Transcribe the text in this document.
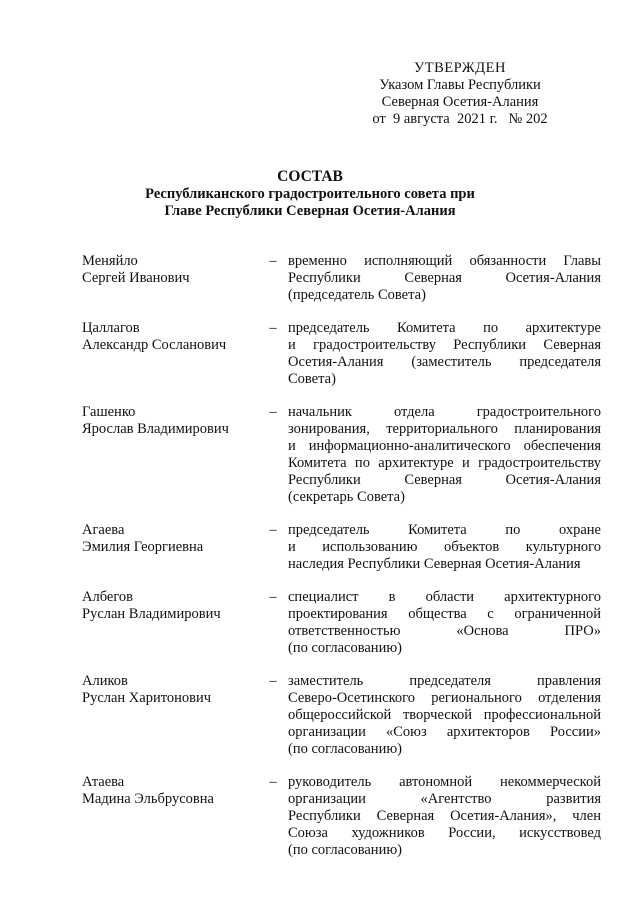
УТВЕРЖДЕН
Указом Главы Республики
Северная Осетия-Алания
от  9 августа  2021 г.   № 202
СОСТАВ
Республиканского градостроительного совета при
Главе Республики Северная Осетия-Алания
Меняйло
Сергей Иванович
– временно исполняющий обязанности Главы
Республики Северная Осетия-Алания
(председатель Совета)
Цаллагов
Александр Сосланович
– председатель Комитета по архитектуре
и градостроительству Республики Северная
Осетия-Алания (заместитель председателя
Совета)
Гашенко
Ярослав Владимирович
– начальник отдела градостроительного
зонирования, территориального планирования
и информационно-аналитического обеспечения
Комитета по архитектуре и градостроительству
Республики Северная Осетия-Алания
(секретарь Совета)
Агаева
Эмилия Георгиевна
– председатель Комитета по охране
и использованию объектов культурного
наследия Республики Северная Осетия-Алания
Албегов
Руслан Владимирович
– специалист в области архитектурного
проектирования общества с ограниченной
ответственностью «Основа ПРО»
(по согласованию)
Аликов
Руслан Харитонович
– заместитель председателя правления
Северо-Осетинского регионального отделения
общероссийской творческой профессиональной
организации «Союз архитекторов России»
(по согласованию)
Атаева
Мадина Эльбрусовна
– руководитель автономной некоммерческой
организации «Агентство развития
Республики Северная Осетия-Алания», член
Союза художников России, искусствовед
(по согласованию)
